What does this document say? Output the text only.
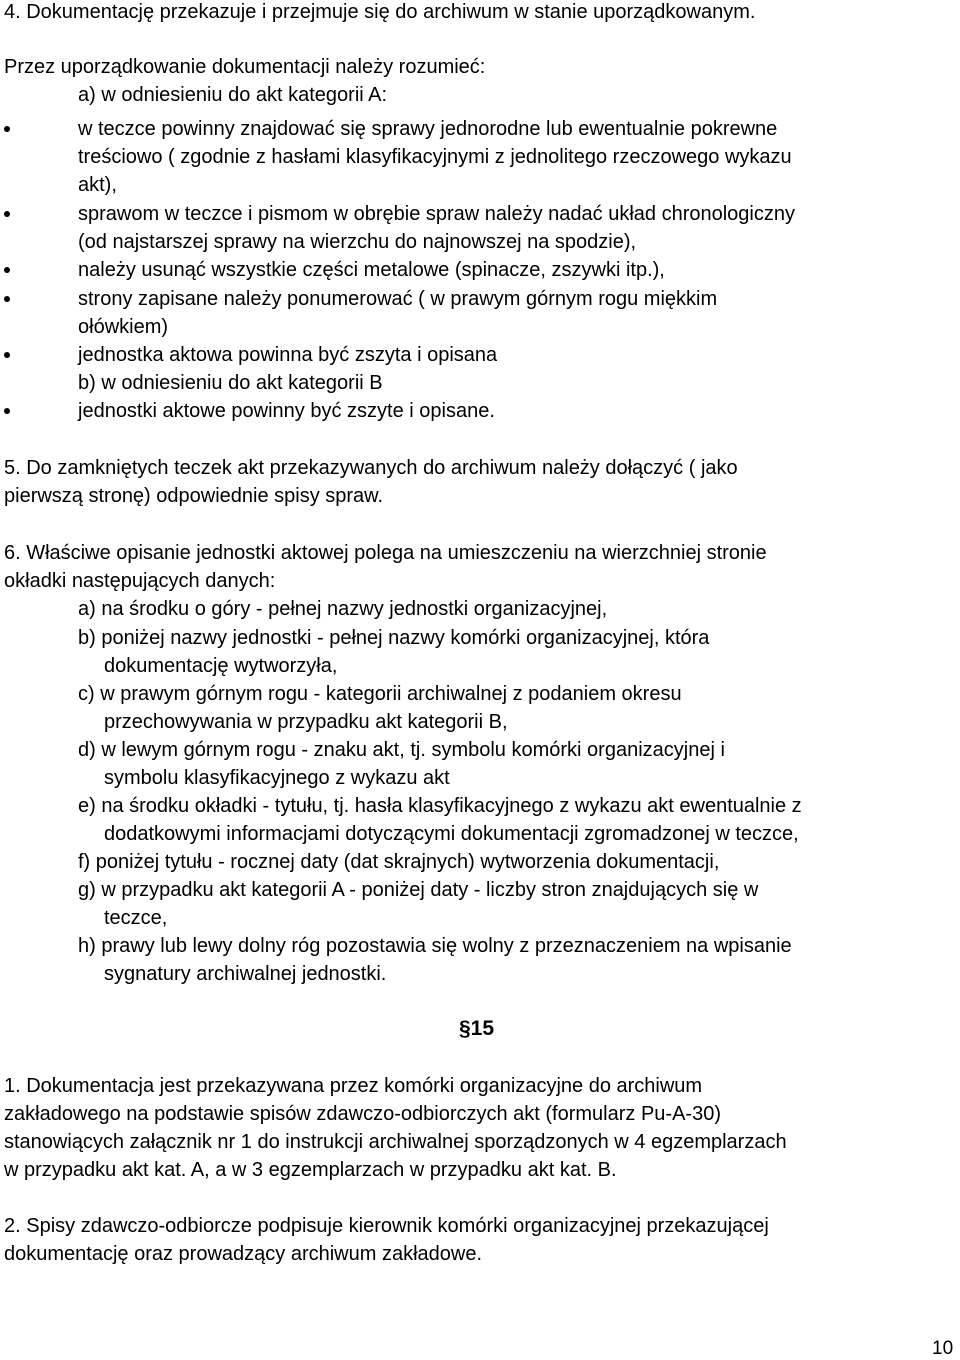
4. Dokumentację przekazuje i przejmuje się do archiwum w stanie uporządkowanym.
Przez uporządkowanie dokumentacji należy rozumieć:
a) w odniesieniu do akt kategorii A:
w teczce powinny znajdować się sprawy jednorodne lub ewentualnie pokrewne
treściowo ( zgodnie z hasłami klasyfikacyjnymi z jednolitego rzeczowego wykazu
akt),
sprawom w teczce i pismom w obrębie spraw należy nadać układ chronologiczny
(od najstarszej sprawy na wierzchu do najnowszej na spodzie),
należy usunąć wszystkie części metalowe (spinacze, zszywki itp.),
strony zapisane należy ponumerować ( w prawym górnym rogu miękkim
ołówkiem)
jednostka aktowa powinna być zszyta i opisana
b) w odniesieniu do akt kategorii B
jednostki aktowe powinny być zszyte i opisane.
5. Do zamkniętych teczek akt przekazywanych do archiwum należy dołączyć ( jako
pierwszą stronę) odpowiednie spisy spraw.
6. Właściwe opisanie jednostki aktowej polega na umieszczeniu na wierzchniej stronie
okładki następujących danych:
a) na środku o góry - pełnej nazwy jednostki organizacyjnej,
b) poniżej nazwy jednostki - pełnej nazwy komórki organizacyjnej, która
dokumentację wytworzyła,
c) w prawym górnym rogu - kategorii archiwalnej z podaniem okresu
przechowywania w przypadku akt kategorii B,
d) w lewym górnym rogu - znaku akt, tj. symbolu komórki organizacyjnej i
symbolu klasyfikacyjnego z wykazu akt
e) na środku okładki - tytułu, tj. hasła klasyfikacyjnego z wykazu akt ewentualnie z
dodatkowymi informacjami dotyczącymi dokumentacji zgromadzonej w teczce,
f) poniżej tytułu - rocznej daty (dat skrajnych) wytworzenia dokumentacji,
g) w przypadku akt kategorii A - poniżej daty - liczby stron znajdujących się w
teczce,
h) prawy lub lewy dolny róg pozostawia się wolny z przeznaczeniem na wpisanie
sygnatury archiwalnej jednostki.
§15
1. Dokumentacja jest przekazywana przez komórki organizacyjne do archiwum
zakładowego na podstawie spisów zdawczo-odbiorczych akt (formularz Pu-A-30)
stanowiących załącznik nr 1 do instrukcji archiwalnej sporządzonych w 4 egzemplarzach
w przypadku akt kat. A, a w 3 egzemplarzach w przypadku akt kat. B.
2. Spisy zdawczo-odbiorcze podpisuje kierownik komórki organizacyjnej przekazującej
dokumentację oraz prowadzący archiwum zakładowe.
10
